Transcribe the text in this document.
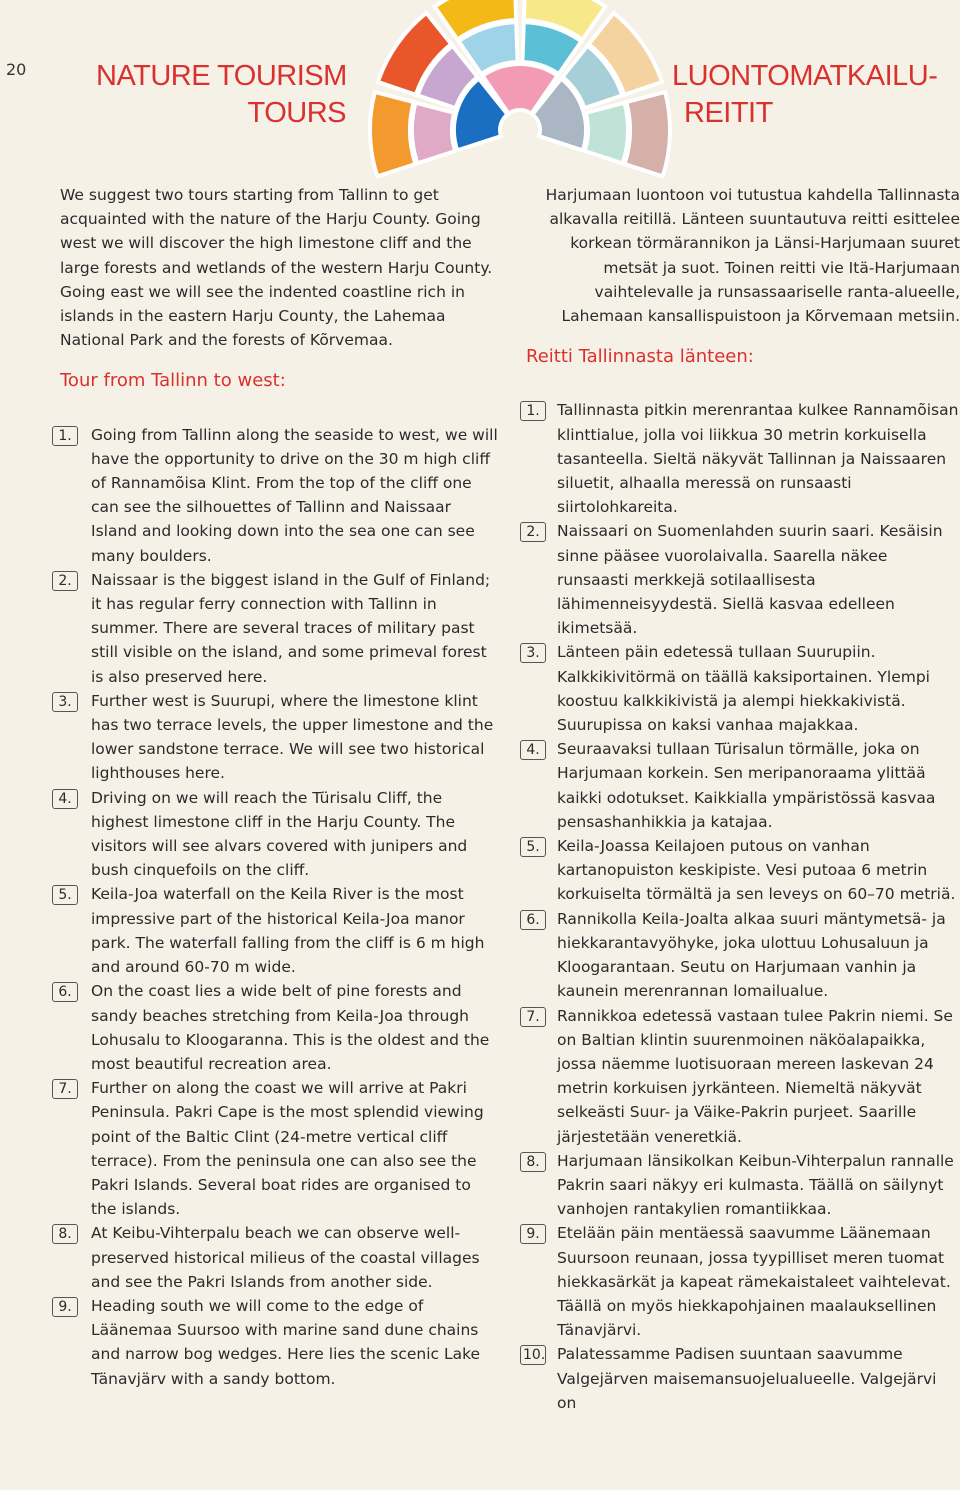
20 NATURE TOURISM
TOURS
LUONTOMATKAILU-
REITIT

We suggest two tours starting from Tallinn to get acquainted with the nature of the Harju County. Going west we will discover the high limestone cliff and the large forests and wetlands of the western Harju County. Going east we will see the indented coastline rich in islands in the eastern Harju County, the Lahemaa National Park and the forests of Kõrvemaa.

Tour from Tallinn to west:
1.	Going from Tallinn along the seaside to west, we will have the opportunity to drive on the 30 m high cliff of Rannamõisa Klint. From the top of the cliff one can see the silhouettes of Tallinn and Naissaar Island and looking down into the sea one can see many boulders.
2.	Naissaar is the biggest island in the Gulf of Finland; it has regular ferry connection with Tallinn in summer. There are several traces of military past still visible on the island, and some primeval forest is also preserved here.
3.	Further west is Suurupi, where the limestone klint has two terrace levels, the upper limestone and the lower sandstone terrace. We will see two historical lighthouses here.
4.	Driving on we will reach the Türisalu Cliff, the highest limestone cliff in the Harju County. The visitors will see alvars covered with junipers and bush cinquefoils on the cliff.
5.	Keila-Joa waterfall on the Keila River is the most impressive part of the historical Keila-Joa manor park. The waterfall falling from the cliff is 6 m high and around 60-70 m wide.
6.	On the coast lies a wide belt of pine forests and sandy beaches stretching from Keila-Joa through Lohusalu to Kloogaranna. This is the oldest and the most beautiful recreation area.
7.	Further on along the coast we will arrive at Pakri Peninsula. Pakri Cape is the most splendid viewing point of the Baltic Clint (24-metre vertical cliff terrace). From the peninsula one can also see the Pakri Islands. Several boat rides are organised to the islands.
8.	At Keibu-Vihterpalu beach we can observe well-preserved historical milieus of the coastal villages and see the Pakri Islands from another side.
9.	Heading south we will come to the edge of Läänemaa Suursoo with marine sand dune chains and narrow bog wedges. Here lies the scenic Lake Tänavjärv with a sandy bottom.

Harjumaan luontoon voi tutustua kahdella Tallinnasta alkavalla reitillä. Länteen suuntautuva reitti esittelee korkean törmärannikon ja Länsi-Harjumaan suuret metsät ja suot. Toinen reitti vie Itä-Harjumaan vaihtelevalle ja runsassaariselle ranta-alueelle, Lahemaan kansallispuistoon ja Kõrvemaan metsiin.

Reitti Tallinnasta länteen:
1.	Tallinnasta pitkin merenrantaa kulkee Rannamõisan klinttialue, jolla voi liikkua 30 metrin korkuisella tasanteella. Sieltä näkyvät Tallinnan ja Naissaaren siluetit, alhaalla meressä on runsaasti siirtolohkareita.
2.	Naissaari on Suomenlahden suurin saari. Kesäisin sinne pääsee vuorolaivalla. Saarella näkee runsaasti merkkejä sotilaallisesta lähimenneisyydestä. Siellä kasvaa edelleen ikimetsää.
3.	Länteen päin edetessä tullaan Suurupiin. Kalkkikivitörmä on täällä kaksiportainen. Ylempi koostuu kalkkikivistä ja alempi hiekkakivistä. Suurupissa on kaksi vanhaa majakkaa.
4.	Seuraavaksi tullaan Türisalun törmälle, joka on Harjumaan korkein. Sen meripanoraama ylittää kaikki odotukset. Kaikkialla ympäristössä kasvaa pensashanhikkia ja katajaa.
5.	Keila-Joassa Keilajoen putous on vanhan kartanopuiston keskipiste. Vesi putoaa 6 metrin korkuiselta törmältä ja sen leveys on 60–70 metriä.
6.	Rannikolla Keila-Joalta alkaa suuri mäntymetsä- ja hiekkarantavyöhyke, joka ulottuu Lohusaluun ja Kloogarantaan. Seutu on Harjumaan vanhin ja kaunein merenrannan lomailualue.
7.	Rannikkoa edetessä vastaan tulee Pakrin niemi. Se on Baltian klintin suurenmoinen näköalapaikka, jossa näemme luotisuoraan mereen laskevan 24 metrin korkuisen jyrkänteen. Niemeltä näkyvät selkeästi Suur- ja Väike-Pakrin purjeet. Saarille järjestetään veneretkiä.
8.	Harjumaan länsikolkan Keibun-Vihterpalun rannalle Pakrin saari näkyy eri kulmasta. Täällä on säilynyt vanhojen rantakylien romantiikkaa.
9.	Etelään päin mentäessä saavumme Läänemaan Suursoon reunaan, jossa tyypilliset meren tuomat hiekkasärkät ja kapeat rämekaistaleet vaihtelevat. Täällä on myös hiekkapohjainen maalauksellinen Tänavjärvi.
10. Palatessamme Padisen suuntaan saavumme Valgejärven maisemansuojelualueelle. Valgejärvi on
